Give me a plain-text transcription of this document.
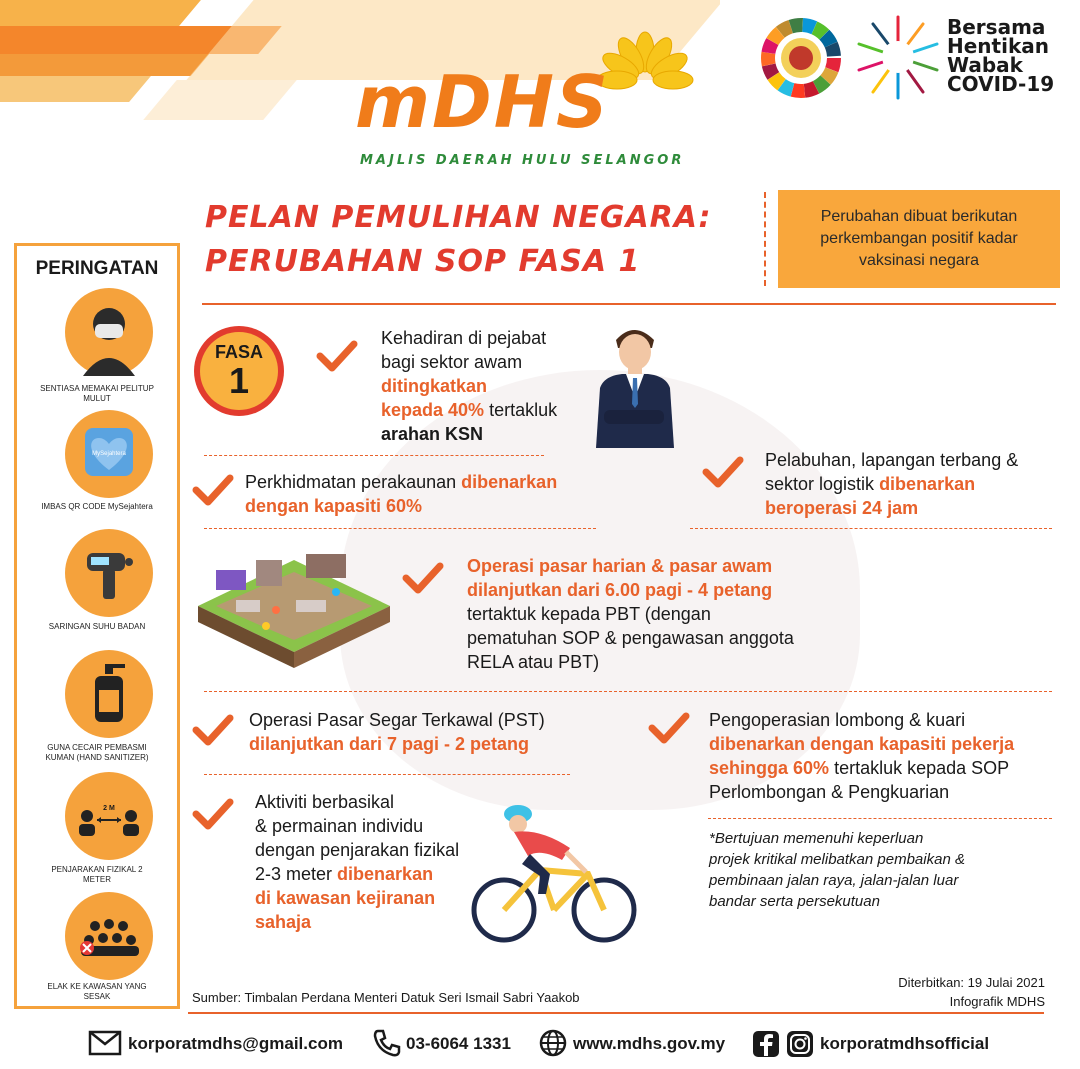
mDHS
MAJLIS DAERAH HULU SELANGOR
Bersama
Hentikan
Wabak
COVID-19
PELAN PEMULIHAN NEGARA:
PERUBAHAN SOP FASA 1
Perubahan dibuat berikutan perkembangan positif kadar vaksinasi negara
PERINGATAN
SENTIASA MEMAKAI PELITUP MULUT
MySejahtera
IMBAS QR CODE MySejahtera
SARINGAN SUHU BADAN
GUNA CECAIR PEMBASMI KUMAN (HAND SANITIZER)
2 M
PENJARAKAN FIZIKAL 2 METER
ELAK KE KAWASAN YANG SESAK
FASA
1
Kehadiran di pejabat
bagi sektor awam
ditingkatkan
kepada 40% tertakluk
arahan KSN
Perkhidmatan perakaunan dibenarkan
dengan kapasiti 60%
Pelabuhan, lapangan terbang &
sektor logistik dibenarkan
beroperasi 24 jam
Operasi pasar harian & pasar awam
dilanjutkan dari 6.00 pagi - 4 petang
tertaktuk kepada PBT (dengan
pematuhan SOP & pengawasan anggota
RELA atau PBT)
Operasi Pasar Segar Terkawal (PST)
dilanjutkan dari 7 pagi - 2 petang
Pengoperasian lombong & kuari
dibenarkan dengan kapasiti pekerja
sehingga 60% tertakluk kepada SOP
Perlombongan & Pengkuarian
Aktiviti berbasikal
& permainan individu
dengan penjarakan fizikal
2-3 meter dibenarkan
di kawasan kejiranan
sahaja
*Bertujuan memenuhi keperluan
projek kritikal melibatkan pembaikan &
pembinaan jalan raya, jalan-jalan luar
bandar serta persekutuan
Sumber: Timbalan Perdana Menteri Datuk Seri Ismail Sabri Yaakob
Diterbitkan: 19 Julai 2021
Infografik MDHS
korporatmdhs@gmail.com	03-6064 1331	www.mdhs.gov.my	korporatmdhsofficial
